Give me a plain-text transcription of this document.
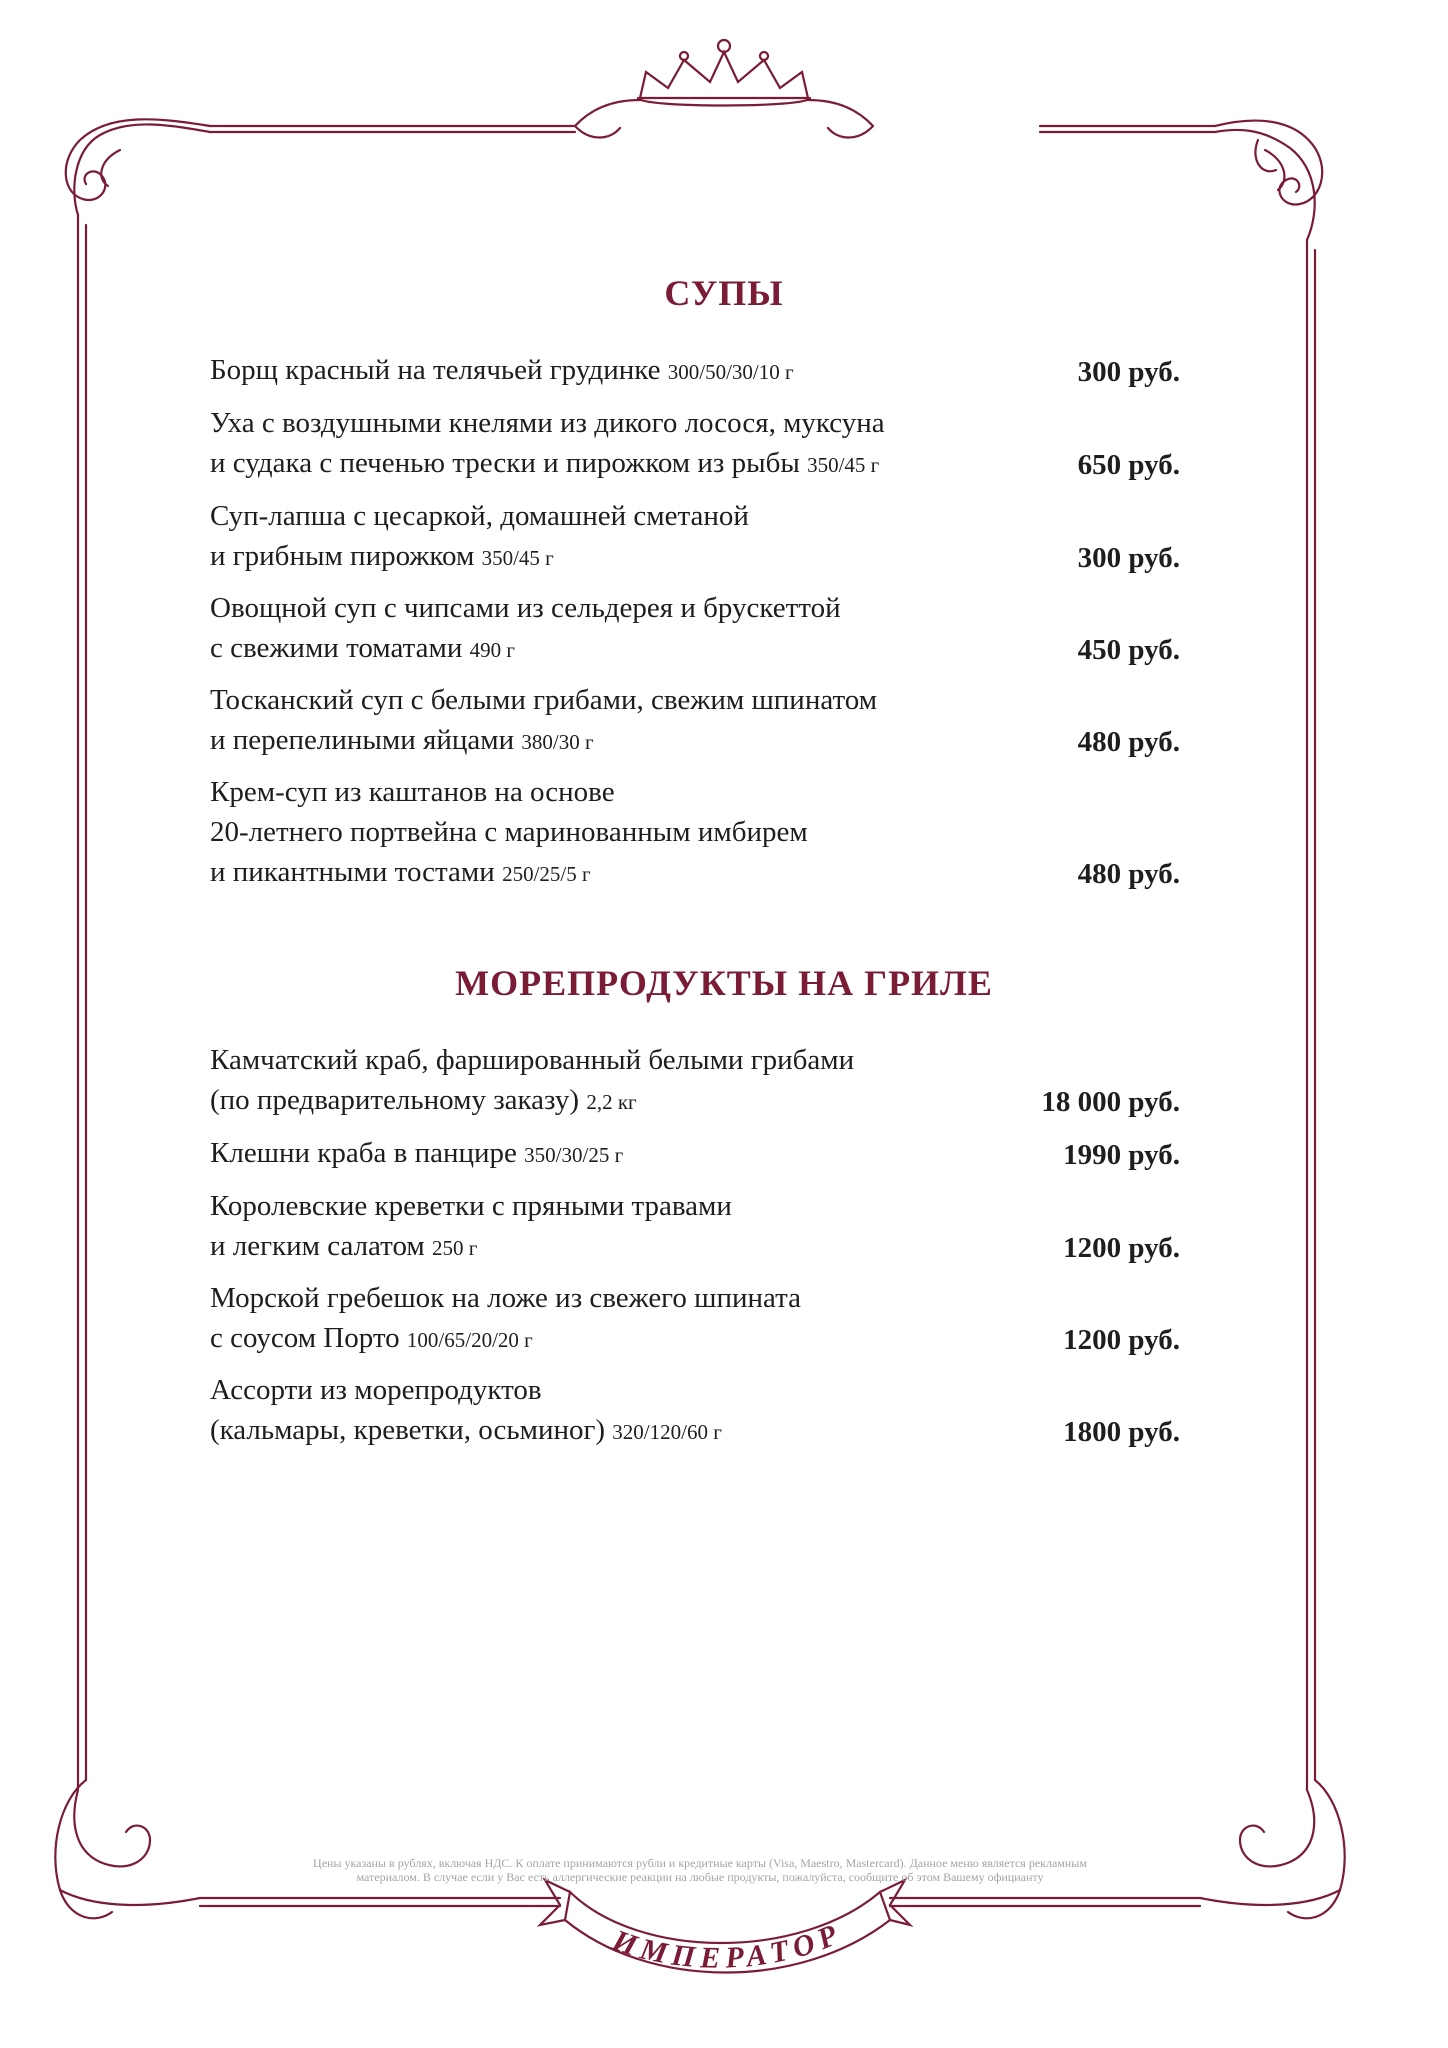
ИМПЕРАТОР
СУПЫ
Борщ красный на телячьей грудинке 300/50/30/10 г	300 руб.
Уха с воздушными кнелями из дикого лосося, муксуна
и судака с печенью трески и пирожком из рыбы 350/45 г	650 руб.
Суп-лапша с цесаркой, домашней сметаной
и грибным пирожком 350/45 г	300 руб.
Овощной суп с чипсами из сельдерея и брускеттой
с свежими томатами 490 г	450 руб.
Тосканский суп с белыми грибами, свежим шпинатом
и перепелиными яйцами 380/30 г	480 руб.
Крем-суп из каштанов на основе
20-летнего портвейна с маринованным имбирем
и пикантными тостами 250/25/5 г	480 руб.
МОРЕПРОДУКТЫ НА ГРИЛЕ
Камчатский краб, фаршированный белыми грибами
(по предварительному заказу) 2,2 кг	18 000 руб.
Клешни краба в панцире 350/30/25 г	1990 руб.
Королевские креветки с пряными травами
и легким салатом 250 г	1200 руб.
Морской гребешок на ложе из свежего шпината
с соусом Порто 100/65/20/20 г	1200 руб.
Ассорти из морепродуктов
(кальмары, креветки, осьминог) 320/120/60 г	1800 руб.
Цены указаны в рублях, включая НДС. К оплате принимаются рубли и кредитные карты (Visa, Maestro, Mastercard). Данное меню является рекламным
материалом. В случае если у Вас есть аллергические реакции на любые продукты, пожалуйста, сообщите об этом Вашему официанту
